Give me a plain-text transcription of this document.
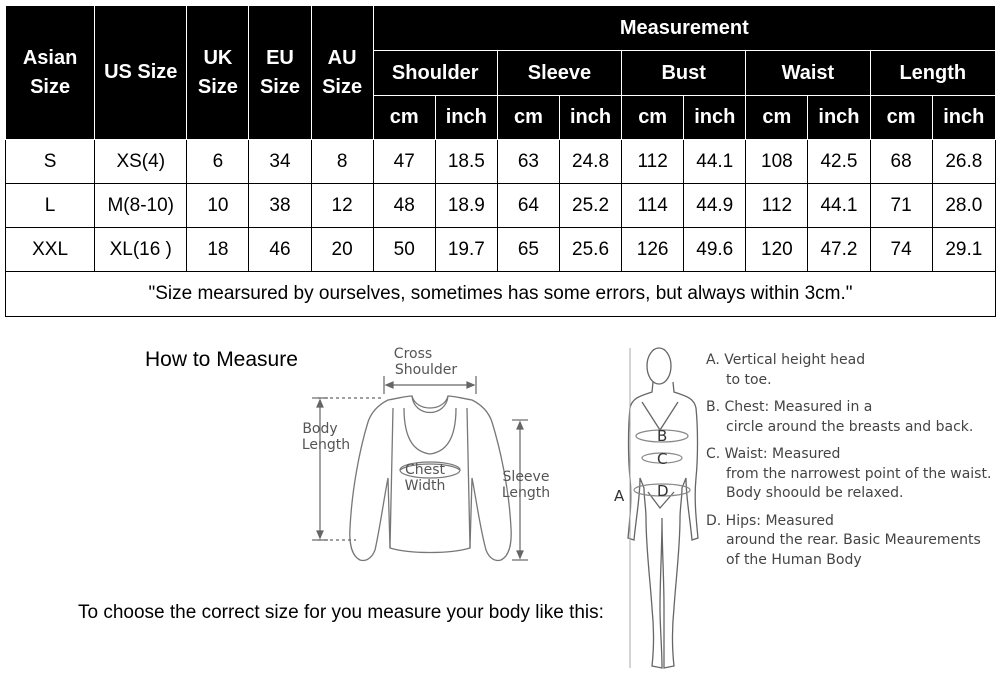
Asian Size	US Size	UK Size	EU Size	AU Size	Measurement									
					Shoulder		Sleeve		Bust		Waist		Length	
					cm	inch	cm	inch	cm	inch	cm	inch	cm	inch
S	XS(4)	6	34	8	47	18.5	63	24.8	112	44.1	108	42.5	68	26.8
L	M(8-10)	10	38	12	48	18.9	64	25.2	114	44.9	112	44.1	71	28.0
XXL	XL(16 )	18	46	20	50	19.7	65	25.6	126	49.6	120	47.2	74	29.1
"Size mearsured by ourselves, sometimes has some errors, but always within 3cm."														
How to Measure	Cross
Shoulder
Body
Length
Chest
Width
Sleeve
Length	A
B
C
D
A. Vertical height head
to toe.
B. Chest: Measured in a
circle around the breasts and back.
C. Waist: Measured
from the narrowest point of the waist. Body shoould be relaxed.
D. Hips: Measured
around the rear. Basic Meaurements of the Human Body
To choose the correct size for you measure your body like this:
